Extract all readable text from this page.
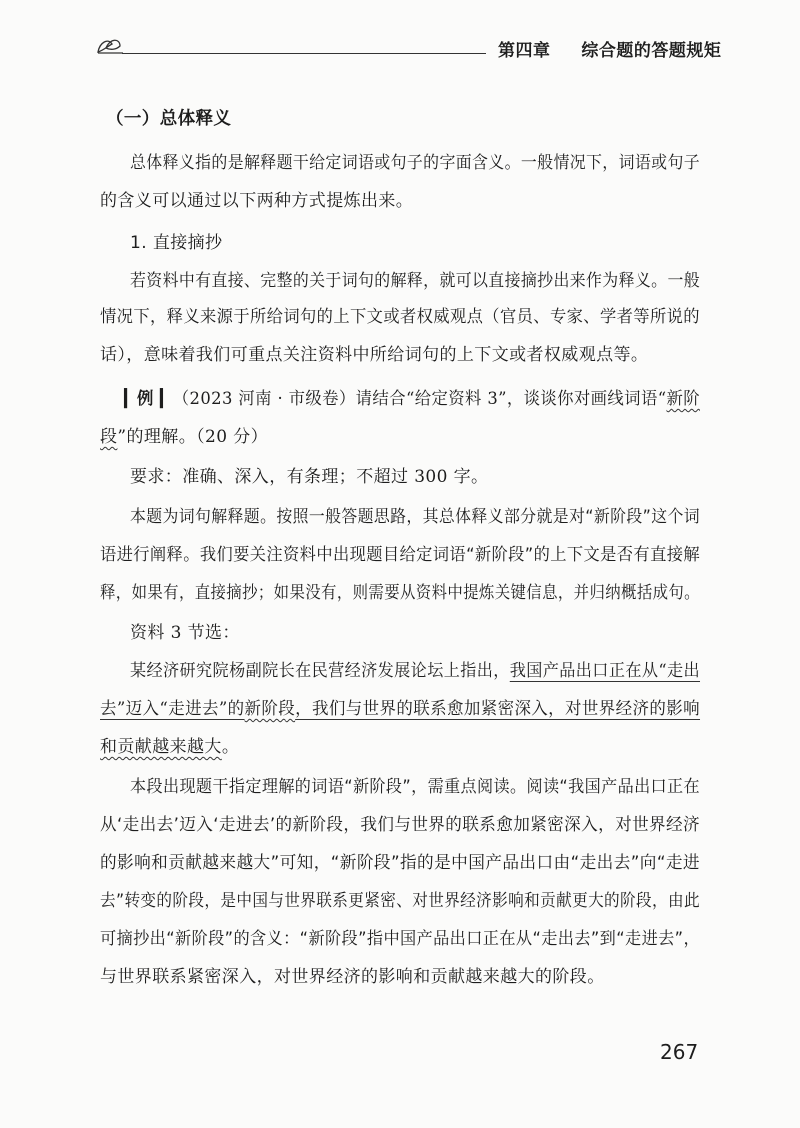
第四章 综合题的答题规矩
（一）总体释义
总体释义指的是解释题干给定词语或句子的字面含义。一般情况下，词语或句子
的含义可以通过以下两种方式提炼出来。
1. 直接摘抄
若资料中有直接、完整的关于词句的解释，就可以直接摘抄出来作为释义。一般
情况下，释义来源于所给词句的上下文或者权威观点（官员、专家、学者等所说的
话），意味着我们可重点关注资料中所给词句的上下文或者权威观点等。
▎例 ▎（2023 河南 · 市级卷）请结合“给定资料 3”，谈谈你对画线词语“新阶
段”的理解。（20 分）
要求：准确、深入，有条理；不超过 300 字。
本题为词句解释题。按照一般答题思路，其总体释义部分就是对“新阶段”这个词
语进行阐释。我们要关注资料中出现题目给定词语“新阶段”的上下文是否有直接解
释，如果有，直接摘抄；如果没有，则需要从资料中提炼关键信息，并归纳概括成句。
资料 3 节选：
某经济研究院杨副院长在民营经济发展论坛上指出，我国产品出口正在从“走出
去”迈入“走进去”的新阶段，我们与世界的联系愈加紧密深入，对世界经济的影响
和贡献越来越大。
本段出现题干指定理解的词语“新阶段”，需重点阅读。阅读“我国产品出口正在
从‘走出去’迈入‘走进去’的新阶段，我们与世界的联系愈加紧密深入，对世界经济
的影响和贡献越来越大”可知，“新阶段”指的是中国产品出口由“走出去”向“走进
去”转变的阶段，是中国与世界联系更紧密、对世界经济影响和贡献更大的阶段，由此
可摘抄出“新阶段”的含义：“新阶段”指中国产品出口正在从“走出去”到“走进去”，
与世界联系紧密深入，对世界经济的影响和贡献越来越大的阶段。
267
